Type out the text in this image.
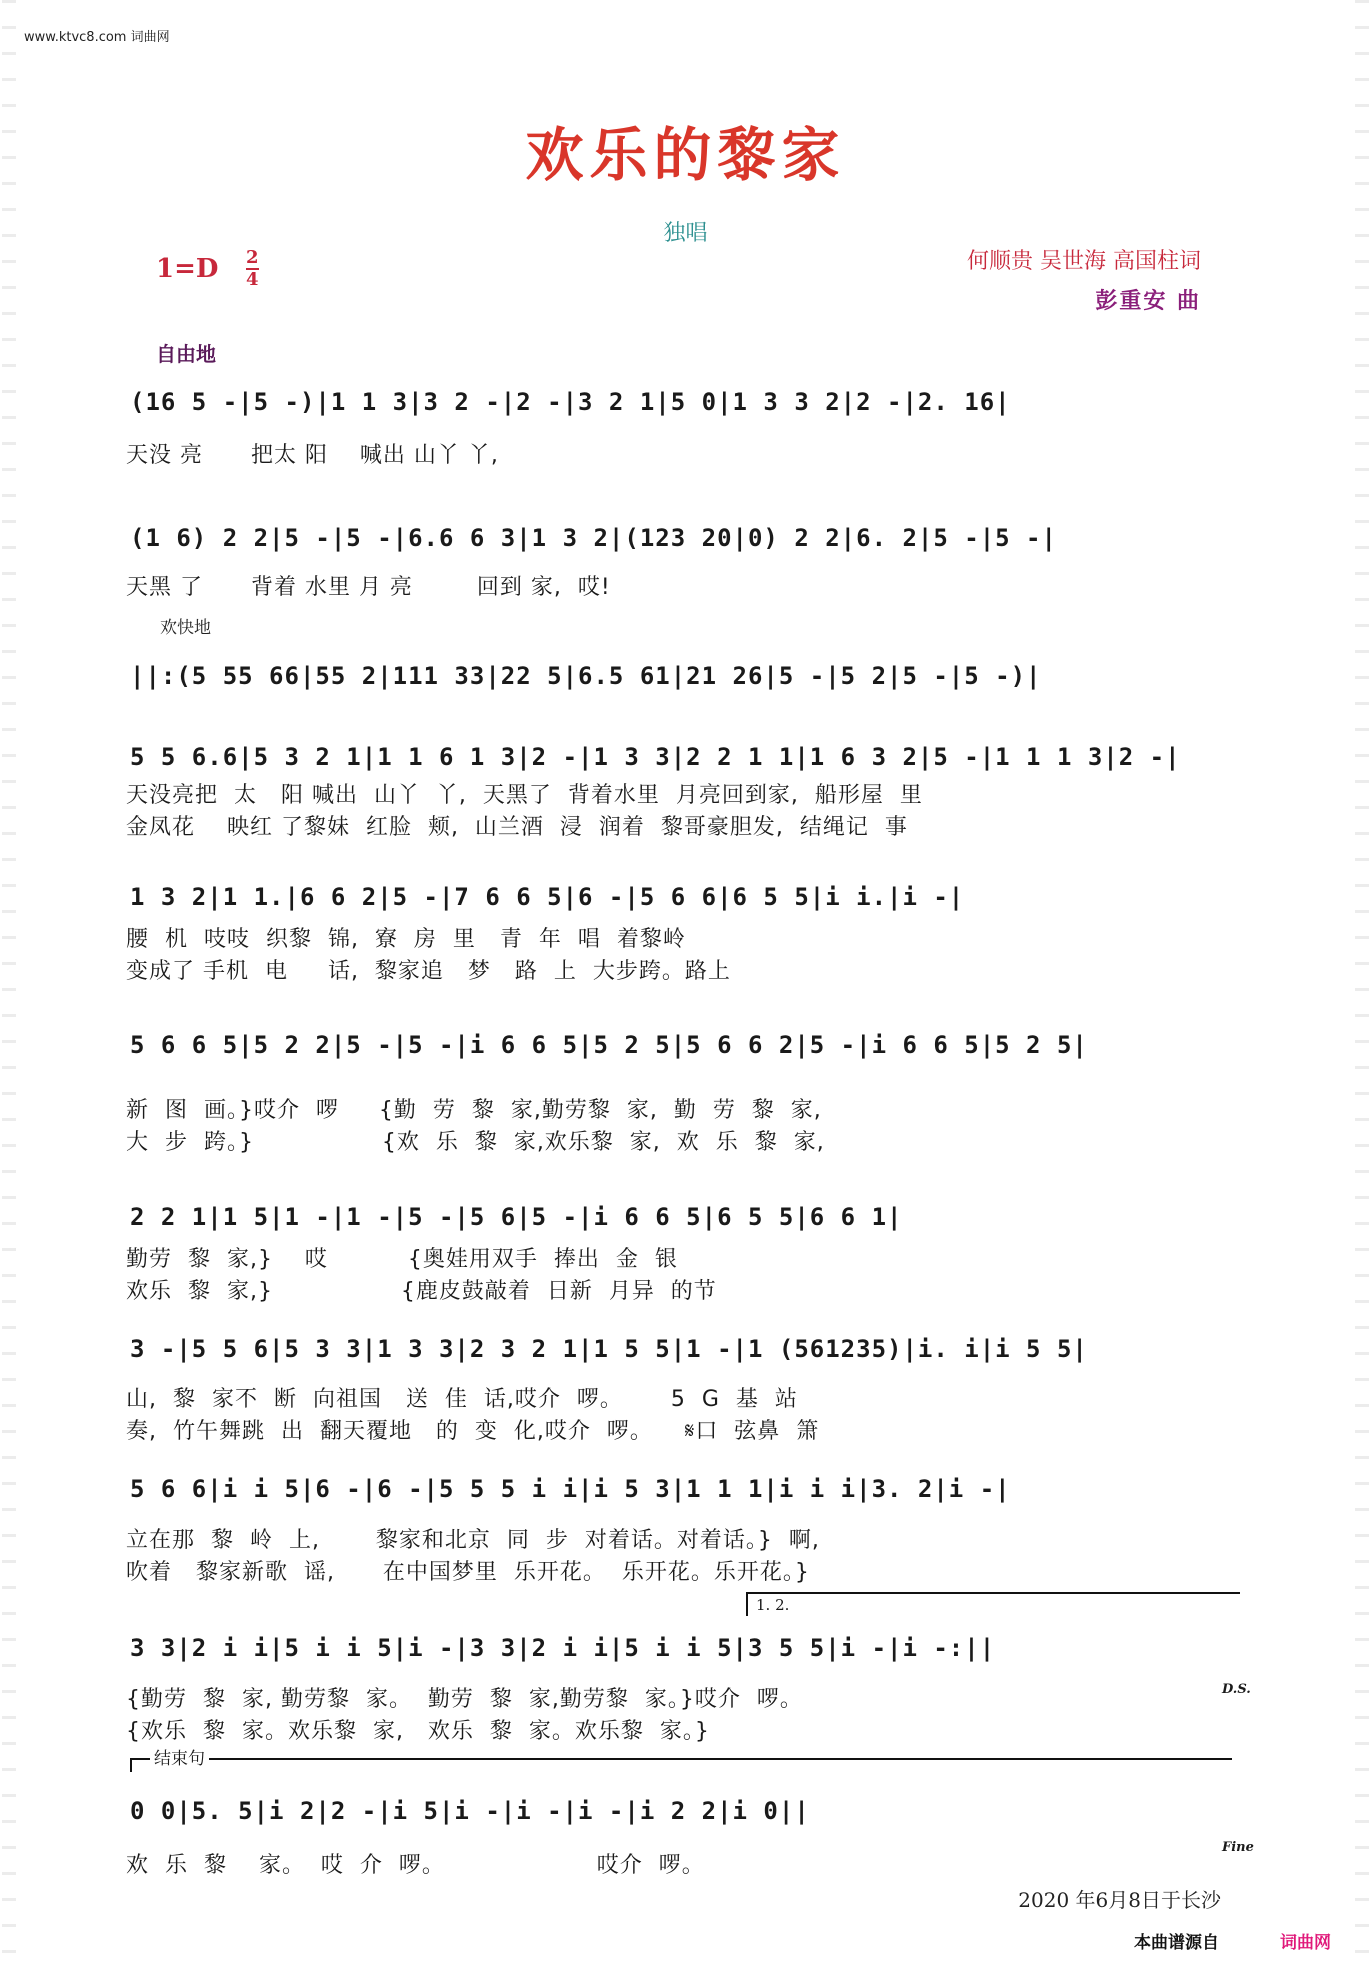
www.ktvc8.com 词曲网
欢乐的黎家
独唱
1=D 2
4
何顺贵 吴世海 高国柱词
彭重安 曲
自由地
欢快地
(16 5 -|5 -)|1 1 3|3 2 -|2 -|3 2 1|5 0|1 3 3 2|2 -|2. 16|
天没 亮      把太 阳    喊出 山丫 丫,
(1 6) 2 2|5 -|5 -|6.6 6 3|1 3 2|(123 20|0) 2 2|6. 2|5 -|5 -|
天黑 了      背着 水里 月 亮        回到 家,  哎!
||:(5 55 66|55 2|111 33|22 5|6.5 61|21 26|5 -|5 2|5 -|5 -)|
5 5 6.6|5 3 2 1|1 1 6 1 3|2 -|1 3 3|2 2 1 1|1 6 3 2|5 -|1 1 1 3|2 -|
天没亮把  太   阳 喊出  山丫  丫,  天黑了  背着水里  月亮回到家,  船形屋  里
金凤花    映红 了黎妹  红脸  颊,  山兰酒  浸  润着  黎哥豪胆发,  结绳记  事
1 3 2|1 1.|6 6 2|5 -|7 6 6 5|6 -|5 6 6|6 5 5|i i.|i -|
腰  机  吱吱  织黎  锦,  寮  房  里   青  年  唱  着黎岭
变成了 手机  电     话,  黎家追   梦   路  上  大步跨。路上
5 6 6 5|5 2 2|5 -|5 -|i 6 6 5|5 2 5|5 6 6 2|5 -|i 6 6 5|5 2 5|
新  图  画。}哎介  啰     {勤  劳  黎  家,勤劳黎  家,  勤  劳  黎  家,
大  步  跨。}                {欢  乐  黎  家,欢乐黎  家,  欢  乐  黎  家,
2 2 1|1 5|1 -|1 -|5 -|5 6|5 -|i 6 6 5|6 5 5|6 6 1|
勤劳  黎  家,}    哎          {奥娃用双手  捧出  金  银
欢乐  黎  家,}                {鹿皮鼓敲着  日新  月异  的节
3 -|5 5 6|5 3 3|1 3 3|2 3 2 1|1 5 5|1 -|1 (561235)|i. i|i 5 5|
山,  黎  家不  断  向祖国   送  佳  话,哎介  啰。      5  G  基  站
奏,  竹午舞跳  出  翻天覆地   的  变  化,哎介  啰。    𝄋口  弦鼻  箫
5 6 6|i i 5|6 -|6 -|5 5 5 i i|i 5 3|1 1 1|i i i|3. 2|i -|
立在那  黎  岭  上,       黎家和北京  同  步  对着话。对着话。}  啊,
吹着   黎家新歌  谣,      在中国梦里  乐开花。  乐开花。乐开花。}
3 3|2 i i|5 i i 5|i -|3 3|2 i i|5 i i 5|3 5 5|i -|i -:||
{勤劳  黎  家, 勤劳黎  家。  勤劳  黎  家,勤劳黎  家。}哎介  啰。
{欢乐  黎  家。欢乐黎  家,   欢乐  黎  家。欢乐黎  家。}
0 0|5. 5|i 2|2 -|i 5|i -|i -|i -|i 2 2|i 0||
欢  乐  黎    家。  哎  介  啰。                   哎介  啰。
1. 2.
D.S.
结束句
Fine
2020 年6月8日于长沙
本曲谱源自	词曲网
